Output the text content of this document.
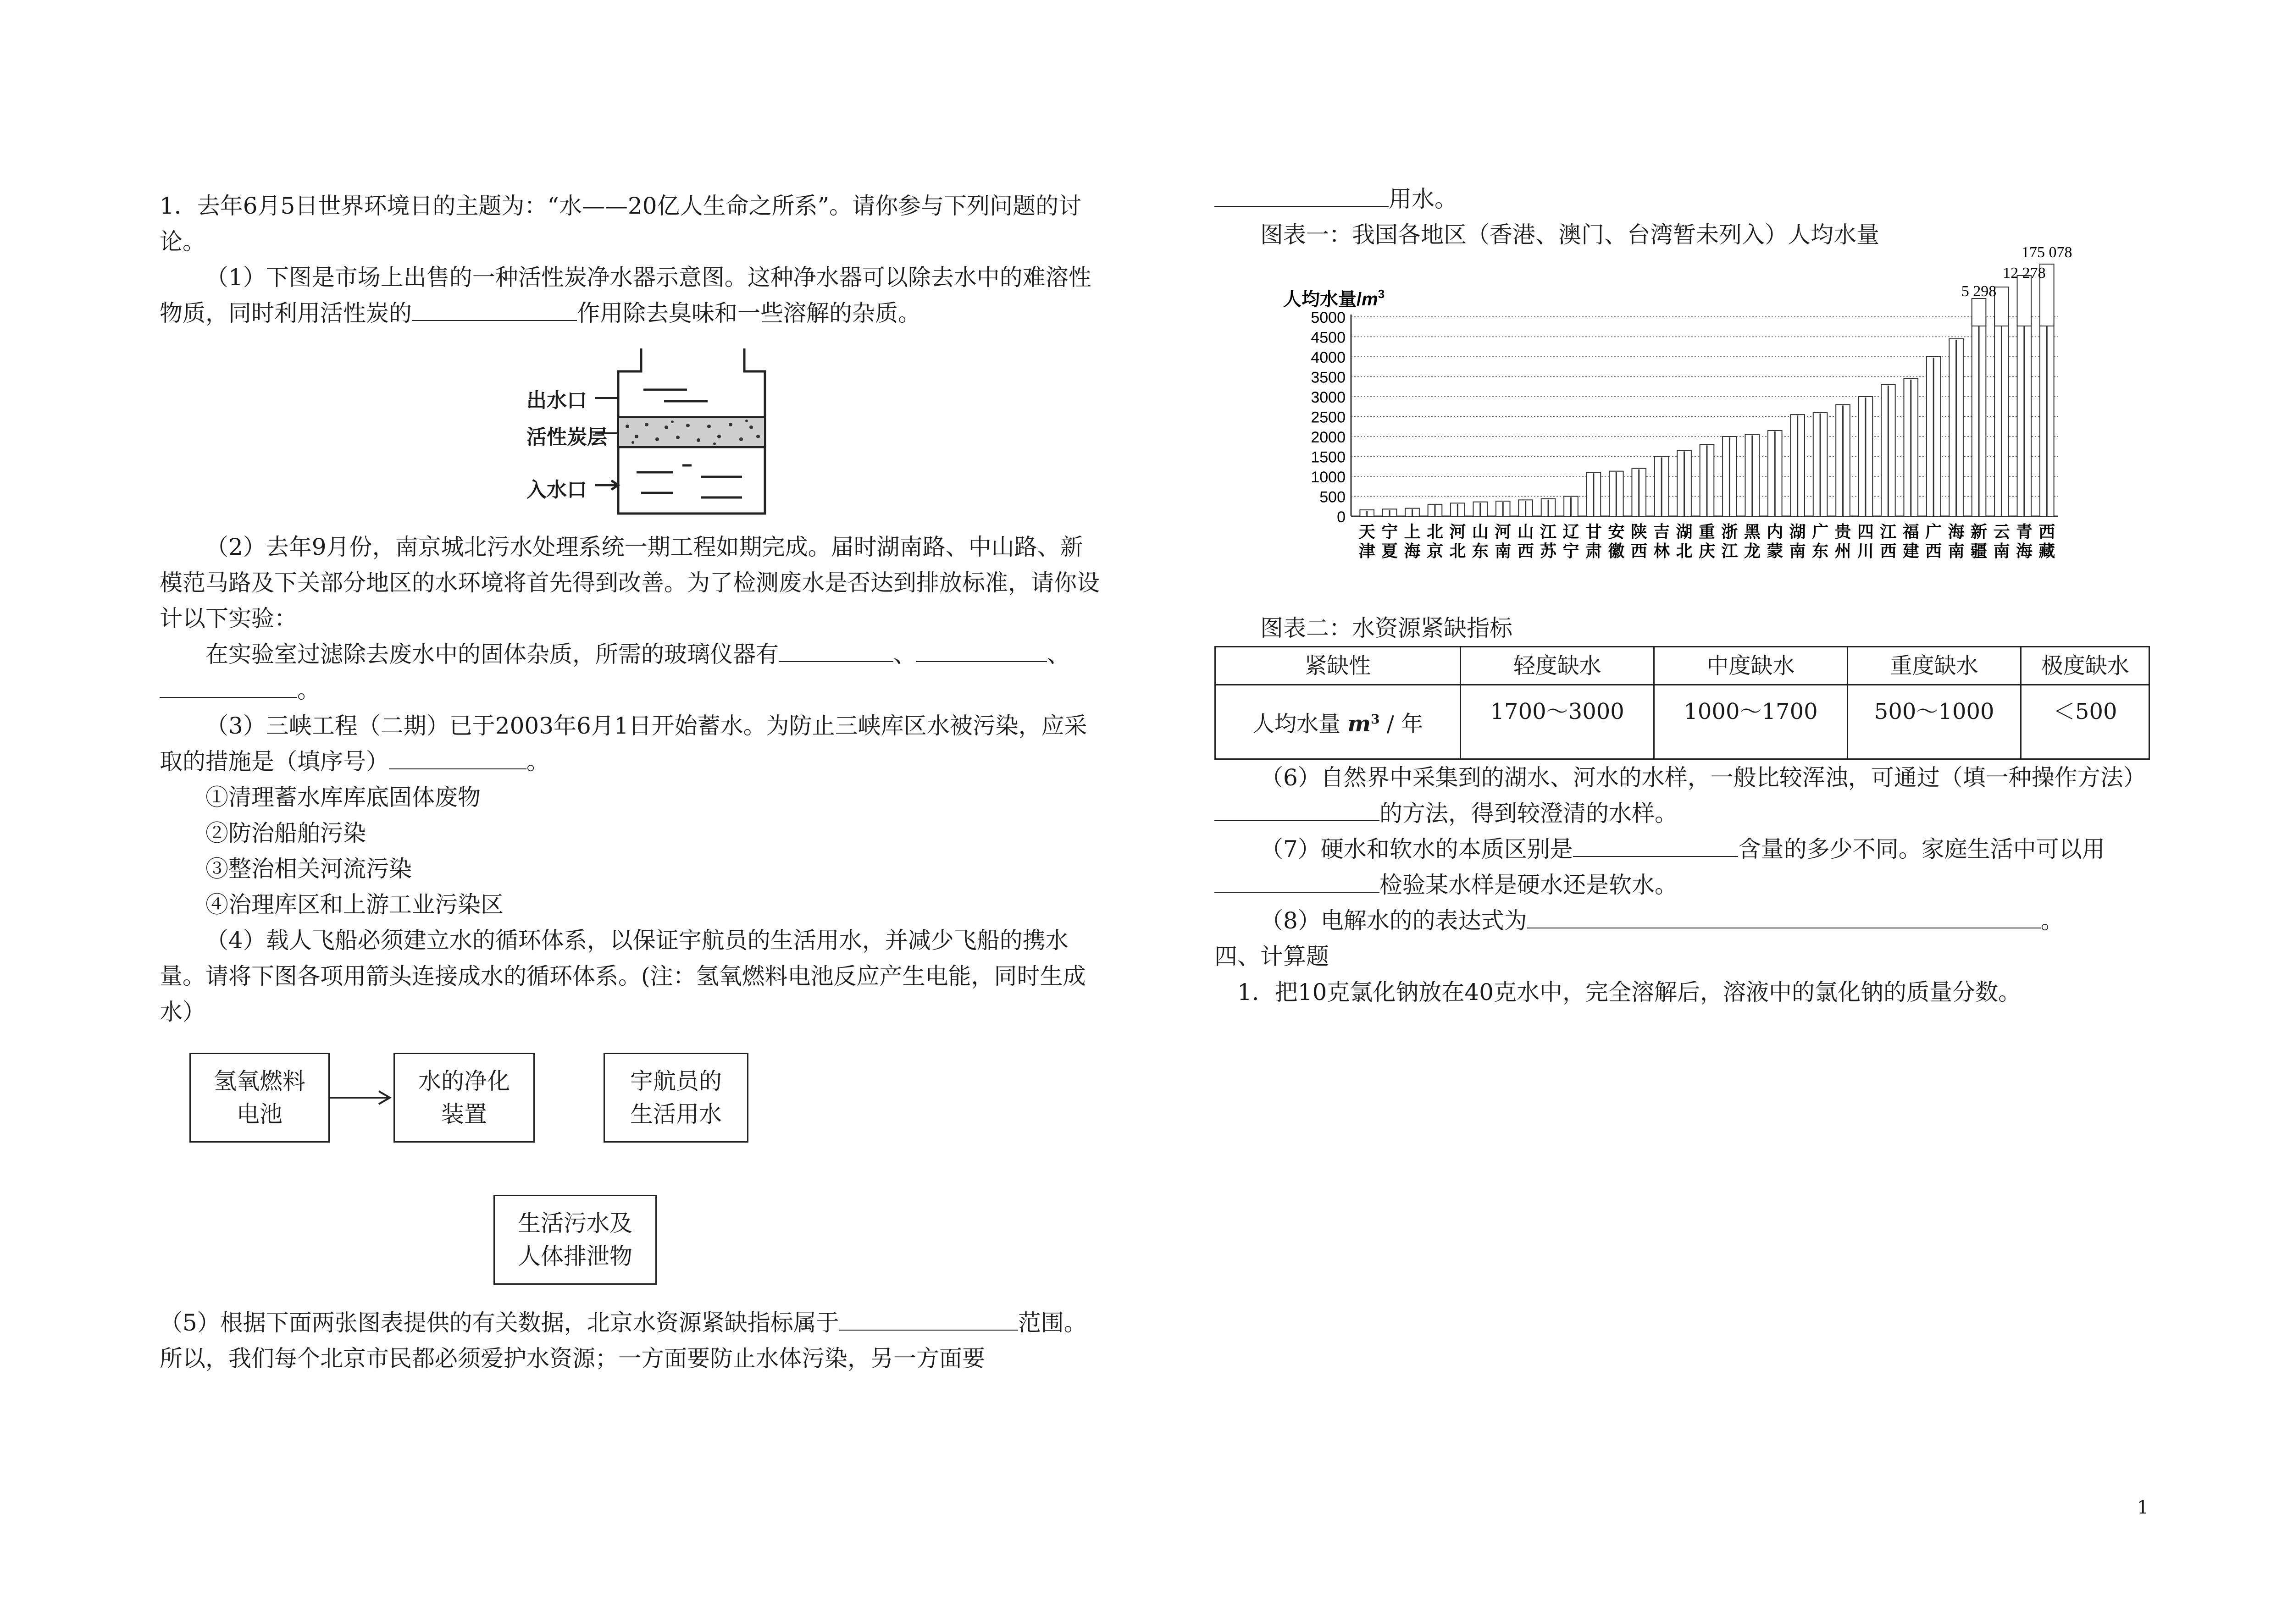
1．去年6月5日世界环境日的主题为：“水——20亿人生命之所系”。请你参与下列问题的讨论。

（1）下图是市场上出售的一种活性炭净水器示意图。这种净水器可以除去水中的难溶性物质，同时利用活性炭的	作用除去臭味和一些溶解的杂质。

出水口
活性炭层
入水口

（2）去年9月份，南京城北污水处理系统一期工程如期完成。届时湖南路、中山路、新模范马路及下关部分地区的水环境将首先得到改善。为了检测废水是否达到排放标准，请你设计以下实验：

在实验室过滤除去废水中的固体杂质，所需的玻璃仪器有	、	、

。

（3）三峡工程（二期）已于2003年6月1日开始蓄水。为防止三峡库区水被污染，应采取的措施是（填序号）	。

①清理蓄水库库底固体废物

②防治船舶污染

③整治相关河流污染

④治理库区和上游工业污染区

（4）载人飞船必须建立水的循环体系，以保证宇航员的生活用水，并减少飞船的携水量。请将下图各项用箭头连接成水的循环体系。(注：氢氧燃料电池反应产生电能，同时生成水）

氢氧燃料
电池
水的净化
装置
宇航员的
生活用水
生活污水及
人体排泄物

（5）根据下面两张图表提供的有关数据，北京水资源紧缺指标属于	范围。所以，我们每个北京市民都必须爱护水资源；一方面要防止水体污染，另一方面要

用水。

图表一：我国各地区（香港、澳门、台湾暂未列入）人均水量

人均水量$/m^3$
0
500
1000
1500
2000
2500
3000
3500
4000
4500
5000
天
津
宁
夏
上
海
北
京
河
北
山
东
河
南
山
西
江
苏
辽
宁
甘
肃
安
徽
陕
西
吉
林
湖
北
重
庆
浙
江
黑
龙
内
蒙
湖
南
广
东
贵
州
四
川
江
西
福
建
广
西
海
南
新
疆
云
南
青
海
西
藏
5 298
12 278
175 078

图表二：水资源紧缺指标

紧缺性	轻度缺水	中度缺水	重度缺水	极度缺水
人均水量 $m^3$ / 年	1700～3000	1000～1700	500～1000	＜500

（6）自然界中采集到的湖水、河水的水样，一般比较浑浊，可通过（填一种操作方法）

的方法，得到较澄清的水样。

（7）硬水和软水的本质区别是	含量的多少不同。家庭生活中可以用

检验某水样是硬水还是软水。

（8）电解水的的表达式为	。

四、计算题

1．把10克氯化钠放在40克水中，完全溶解后，溶液中的氯化钠的质量分数。

1
